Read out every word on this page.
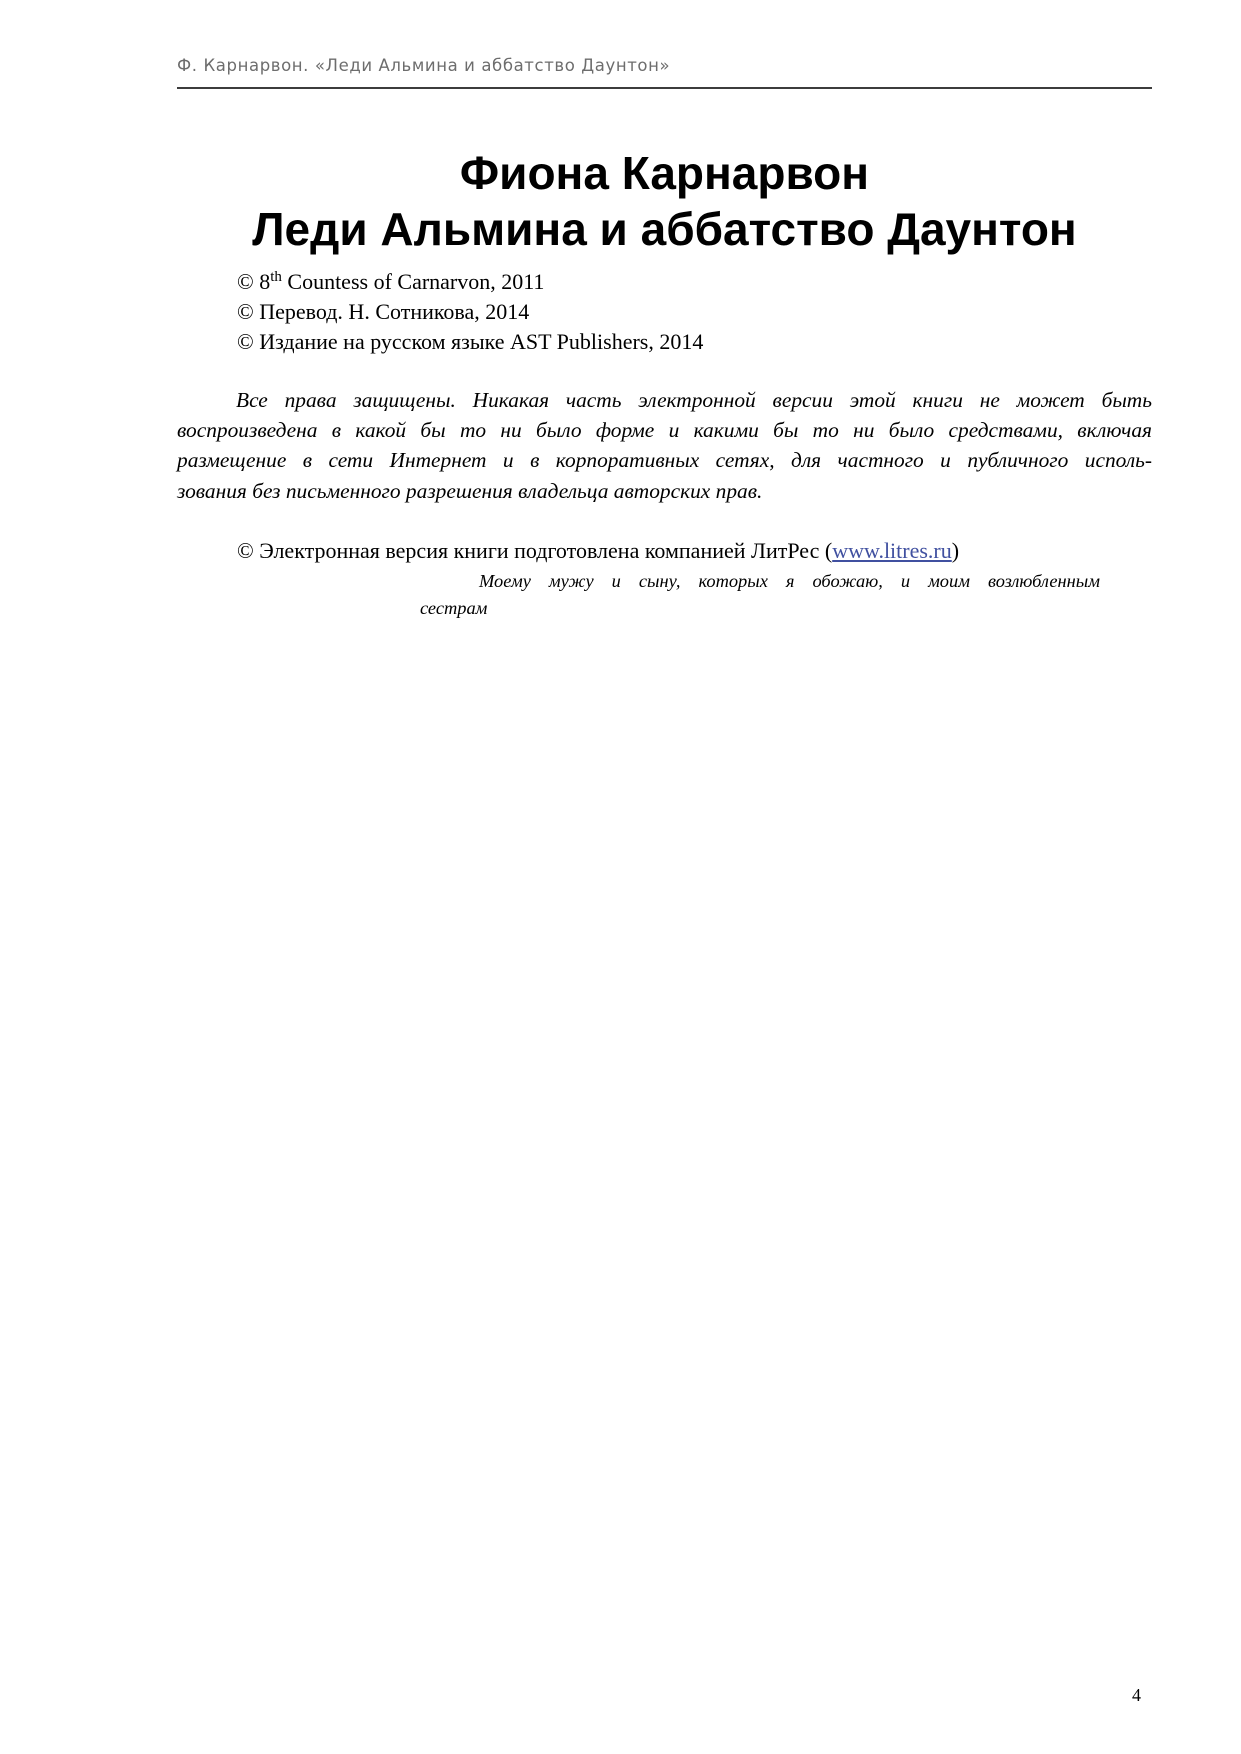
Ф. Карнарвон. «Леди Альмина и аббатство Даунтон»
Фиона Карнарвон
Леди Альмина и аббатство Даунтон
© 8th Countess of Carnarvon, 2011
© Перевод. Н. Сотникова, 2014
© Издание на русском языке AST Publishers, 2014
Все права защищены. Никакая часть электронной версии этой книги не может быть
воспроизведена в какой бы то ни было форме и какими бы то ни было средствами, включая
размещение в сети Интернет и в корпоративных сетях, для частного и публичного исполь-
зования без письменного разрешения владельца авторских прав.
© Электронная версия книги подготовлена компанией ЛитРес (www.litres.ru)
Моему мужу и сыну, которых я обожаю, и моим возлюбленным
сестрам
4
